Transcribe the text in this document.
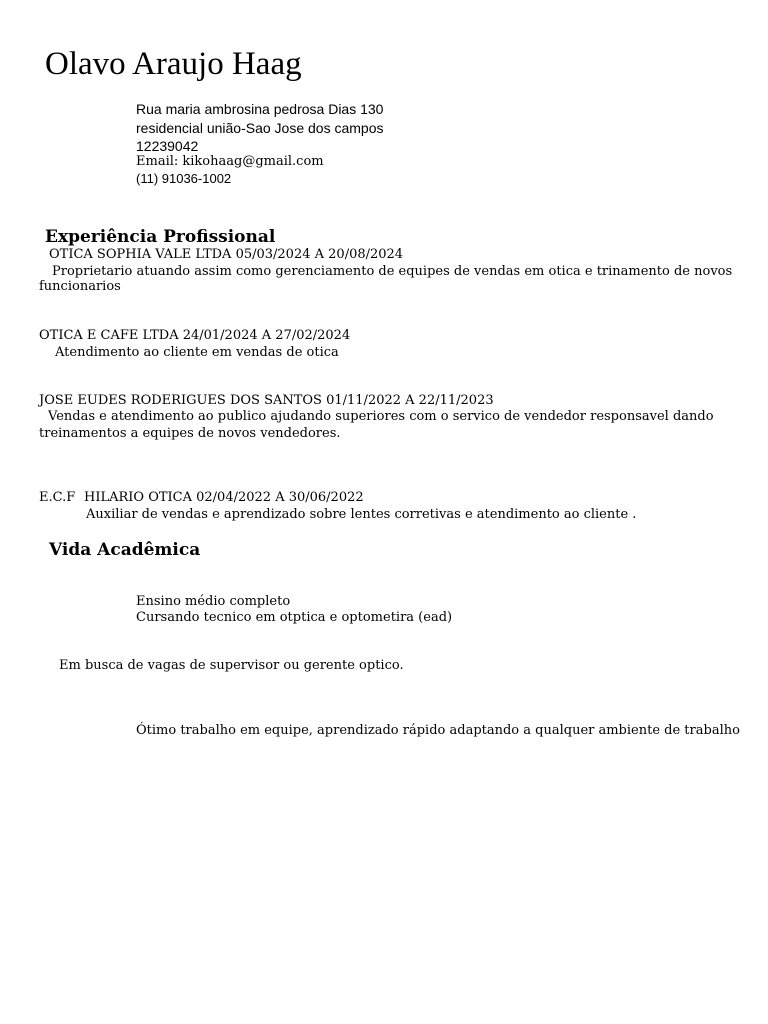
Olavo Araujo Haag
Rua maria ambrosina pedrosa Dias 130
residencial união-Sao Jose dos campos
12239042
Email: kikohaag@gmail.com
(11) 91036-1002
Experiência Profissional
OTICA SOPHIA VALE LTDA 05/03/2024 A 20/08/2024
Proprietario atuando assim como gerenciamento de equipes de vendas em otica e trinamento de novos
funcionarios
OTICA E CAFE LTDA 24/01/2024 A 27/02/2024
Atendimento ao cliente em vendas de otica
JOSE EUDES RODERIGUES DOS SANTOS 01/11/2022 A 22/11/2023
Vendas e atendimento ao publico ajudando superiores com o servico de vendedor responsavel dando
treinamentos a equipes de novos vendedores.
E.C.F HILARIO OTICA 02/04/2022 A 30/06/2022
Auxiliar de vendas e aprendizado sobre lentes corretivas e atendimento ao cliente .
Vida Acadêmica
Ensino médio completo
Cursando tecnico em otptica e optometira (ead)
Em busca de vagas de supervisor ou gerente optico.
Ótimo trabalho em equipe, aprendizado rápido adaptando a qualquer ambiente de trabalho
